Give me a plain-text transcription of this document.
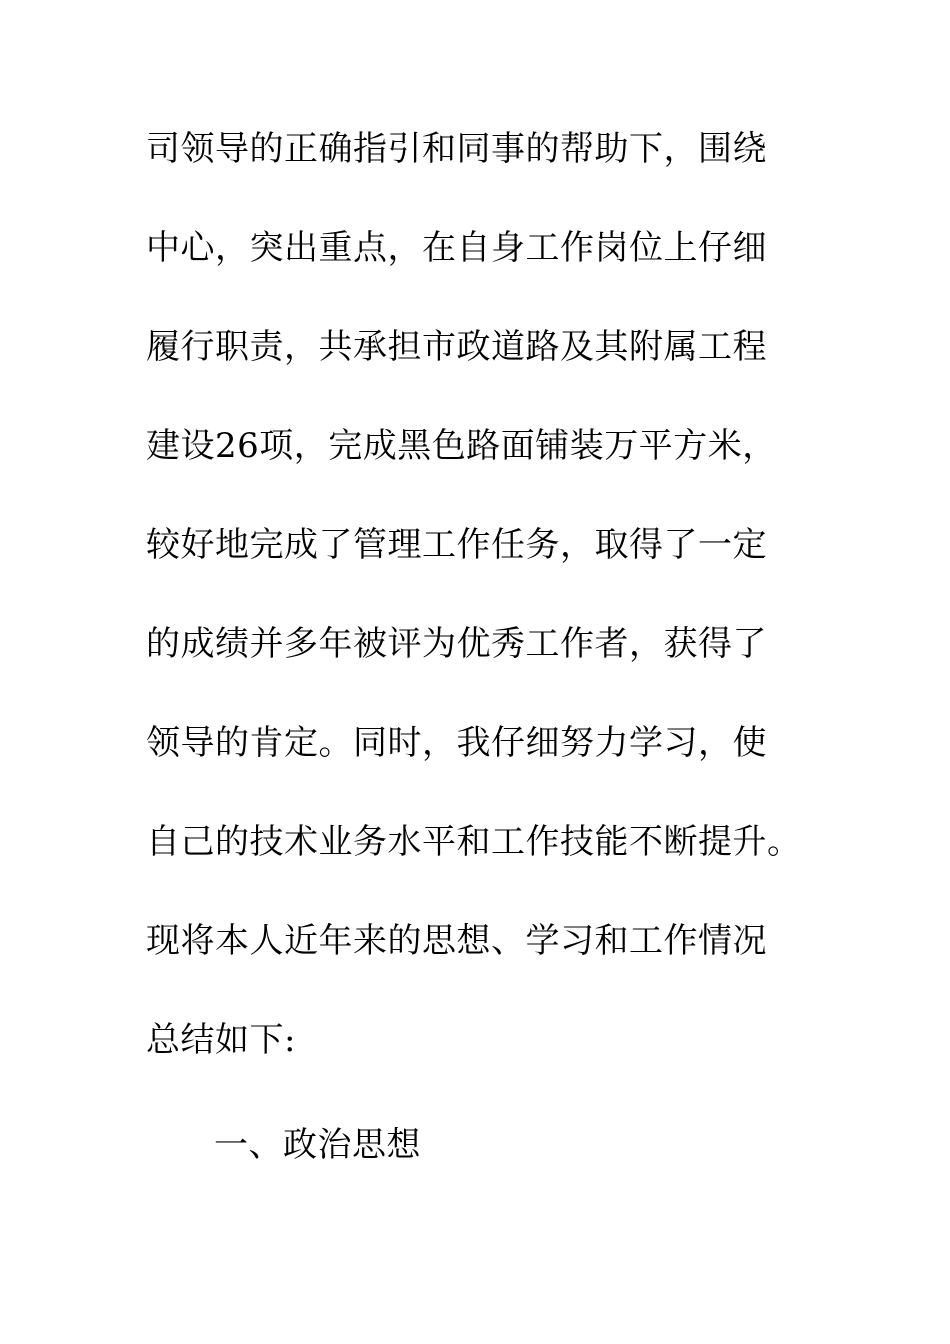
司领导的正确指引和同事的帮助下，围绕
中心，突出重点，在自身工作岗位上仔细
履行职责，共承担市政道路及其附属工程
建设26项，完成黑色路面铺装万平方米，
较好地完成了管理工作任务，取得了一定
的成绩并多年被评为优秀工作者，获得了
领导的肯定。同时，我仔细努力学习，使
自己的技术业务水平和工作技能不断提升。
现将本人近年来的思想、学习和工作情况
总结如下:
一、政治思想
